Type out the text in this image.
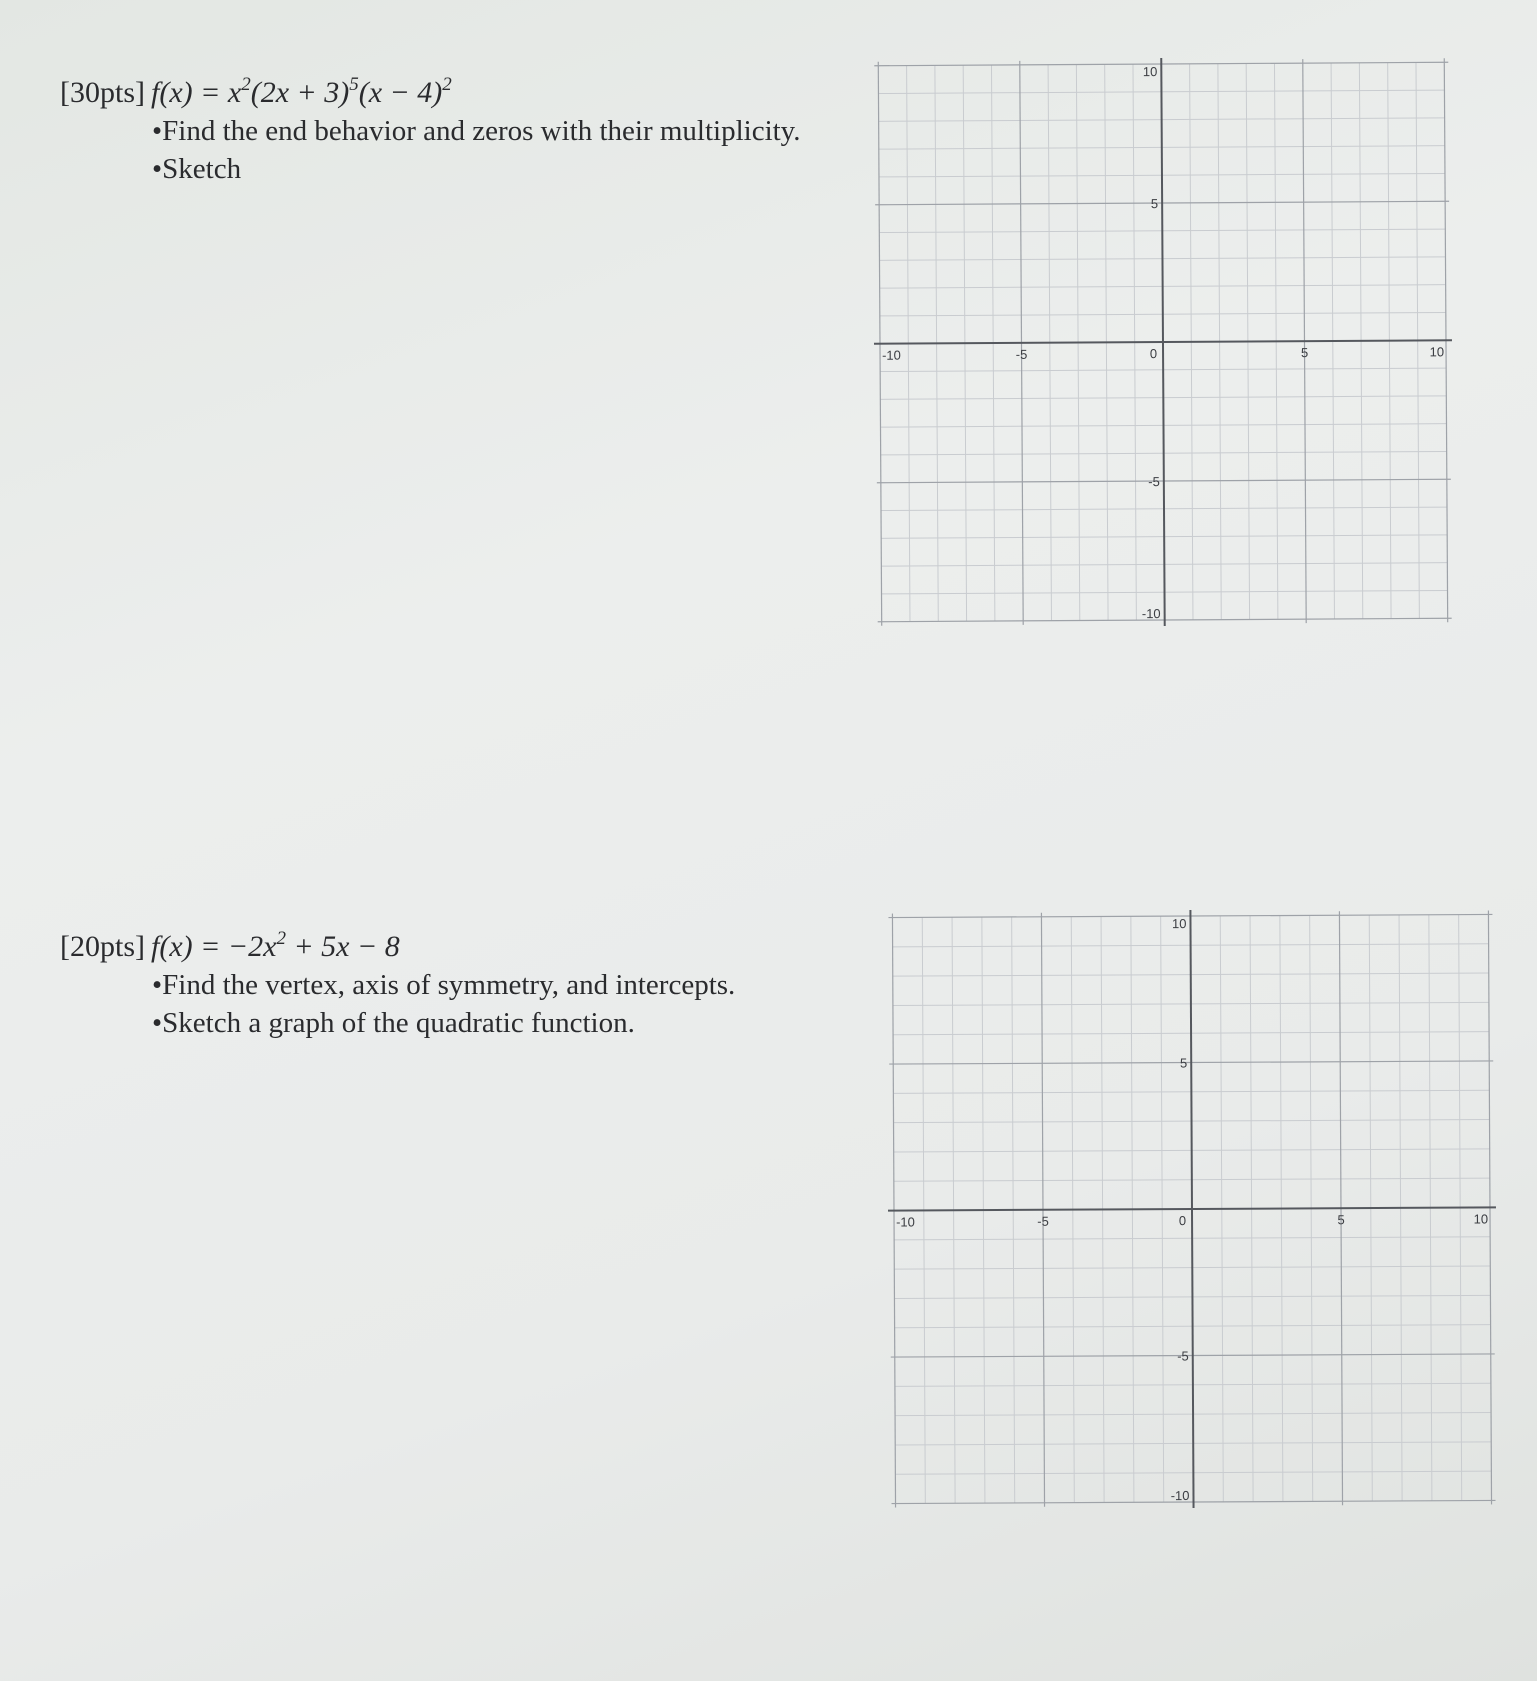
[30pts] $f(x) = x^2(2x + 3)^5(x - 4)^2$
•Find the end behavior and zeros with their multiplicity.
•Sketch
-10	-5	0	5	10
10
5
-5
-10
[20pts] $f(x) = -2x^2 + 5x - 8$
•Find the vertex, axis of symmetry, and intercepts.
•Sketch a graph of the quadratic function.
-10	-5	0	5	10
10
5
-5
-10
